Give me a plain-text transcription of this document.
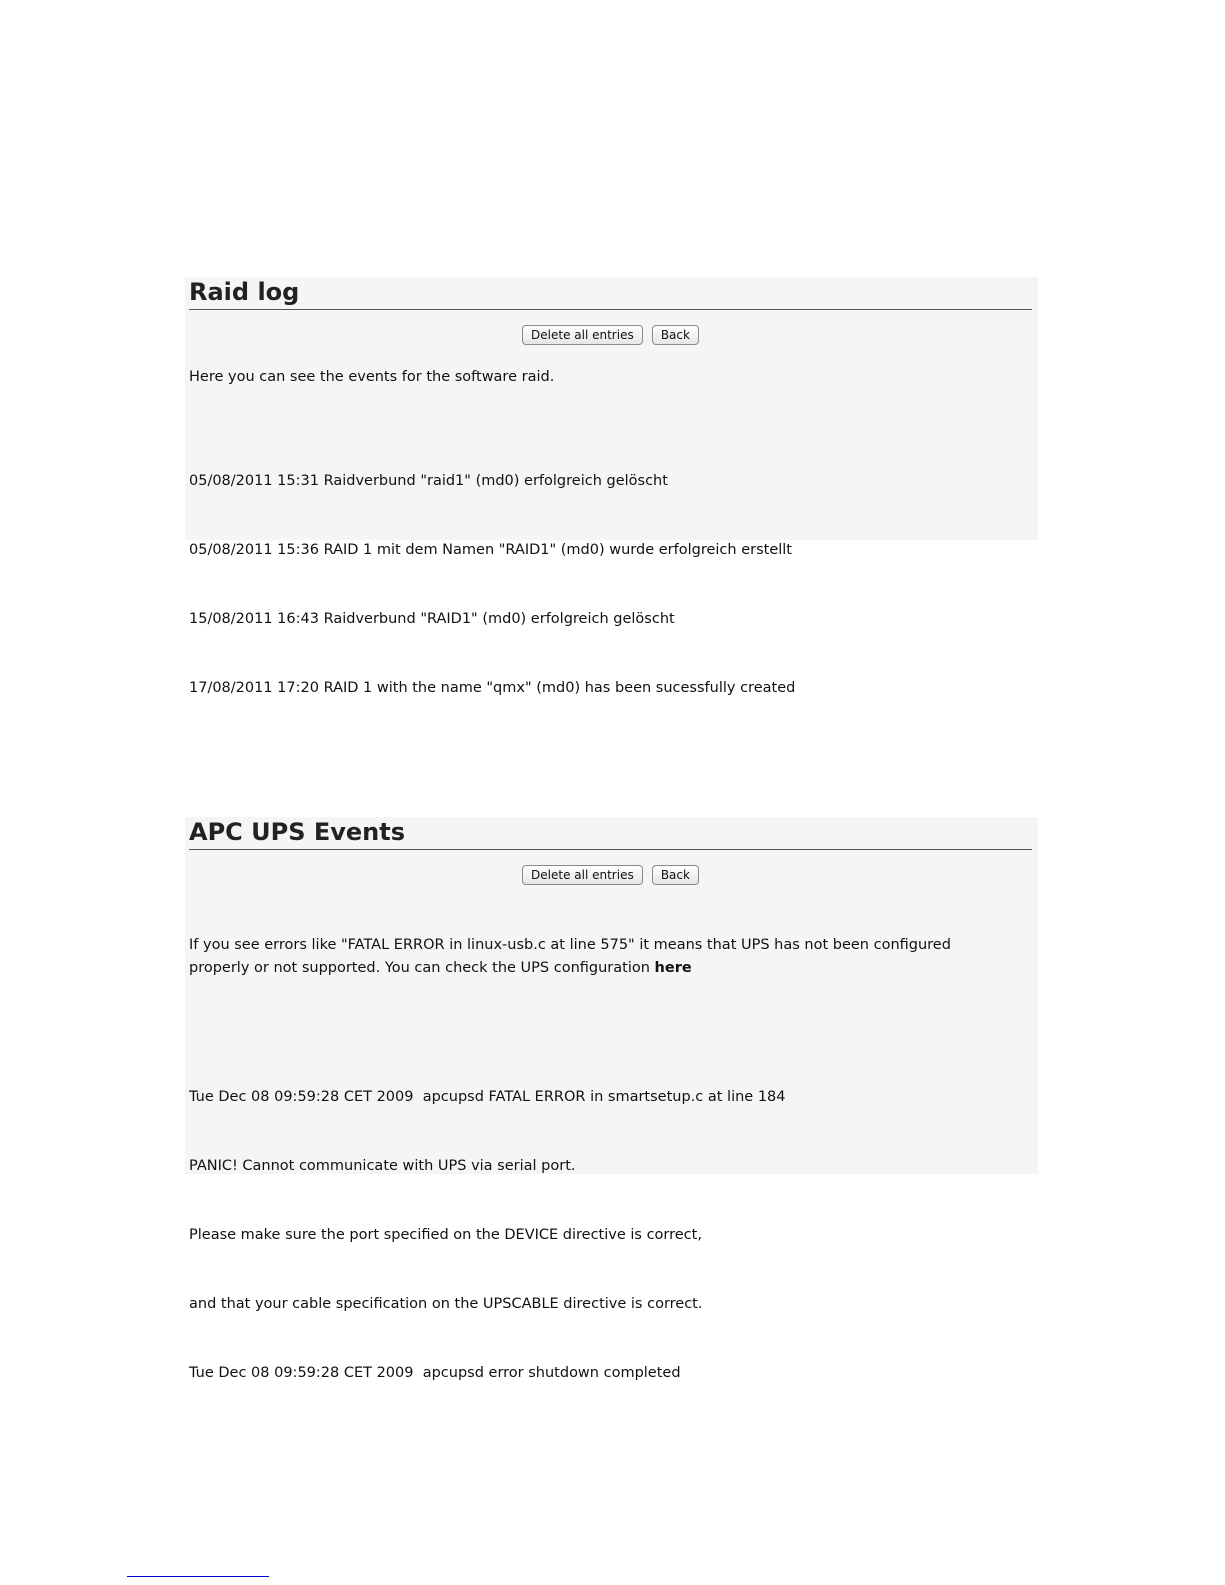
Raid log
Delete all entries Back

Here you can see the events for the software raid.

05/08/2011 15:31 Raidverbund "raid1" (md0) erfolgreich gelöscht

05/08/2011 15:36 RAID 1 mit dem Namen "RAID1" (md0) wurde erfolgreich erstellt

15/08/2011 16:43 Raidverbund "RAID1" (md0) erfolgreich gelöscht

17/08/2011 17:20 RAID 1 with the name "qmx" (md0) has been sucessfully created

APC UPS Events
Delete all entries Back

If you see errors like "FATAL ERROR in linux-usb.c at line 575" it means that UPS has not been configured
properly or not supported. You can check the UPS configuration here

Tue Dec 08 09:59:28 CET 2009  apcupsd FATAL ERROR in smartsetup.c at line 184

PANIC! Cannot communicate with UPS via serial port.

Please make sure the port specified on the DEVICE directive is correct,

and that your cable specification on the UPSCABLE directive is correct.

Tue Dec 08 09:59:28 CET 2009  apcupsd error shutdown completed
